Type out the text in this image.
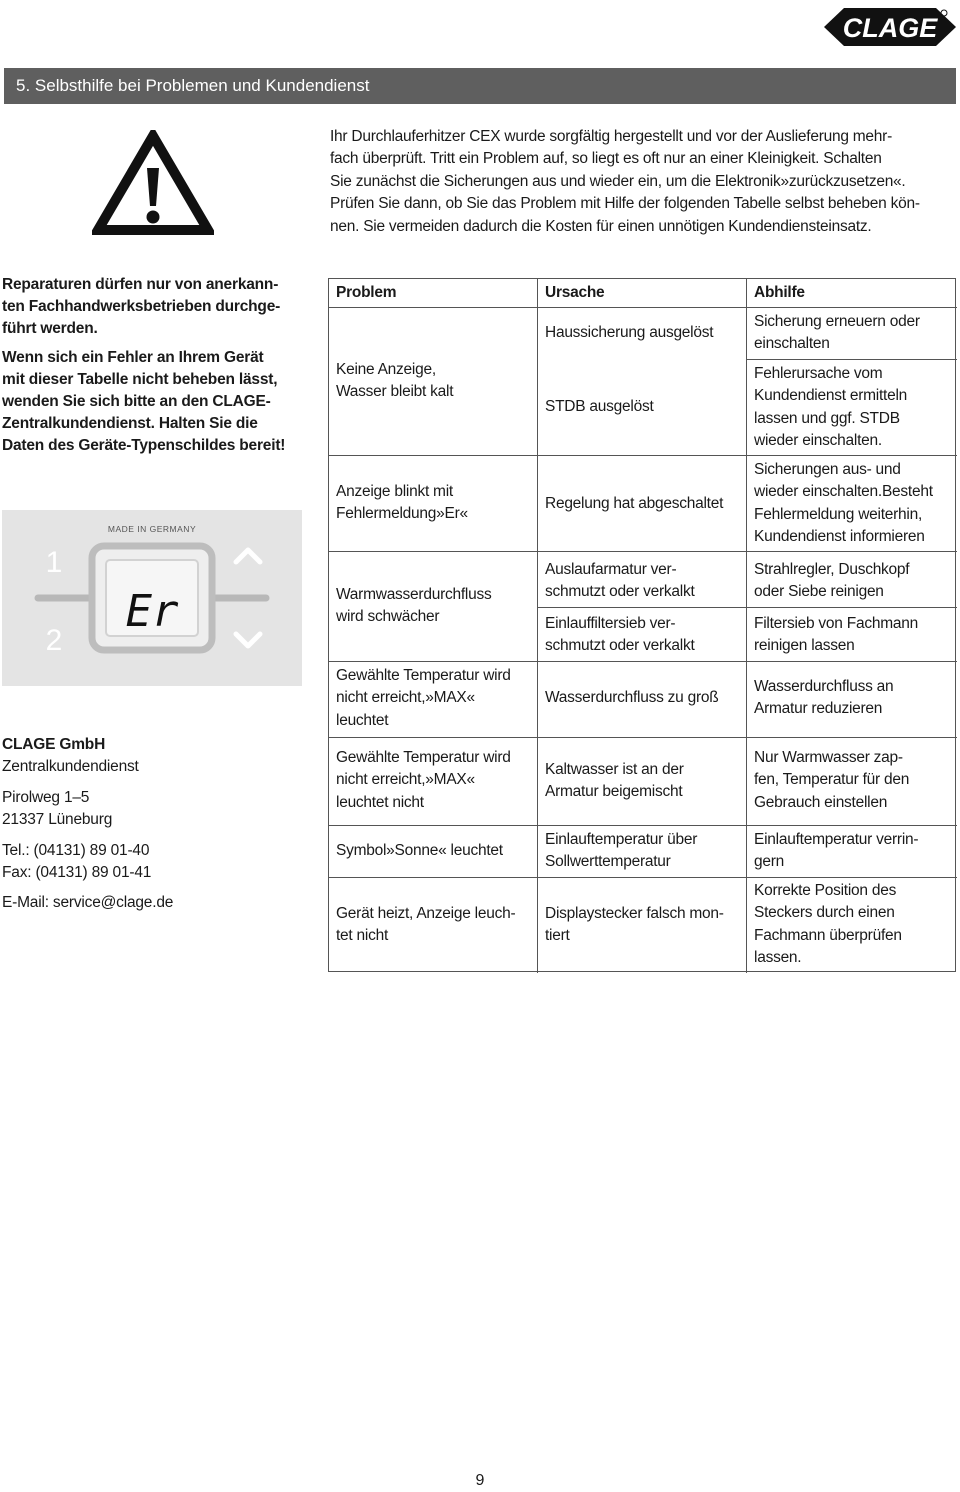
CLAGE
5. Selbsthilfe bei Problemen und Kundendienst
Ihr Durchlauferhitzer CEX wurde sorgfältig hergestellt und vor der Auslieferung mehr-
fach überprüft. Tritt ein Problem auf, so liegt es oft nur an einer Kleinigkeit. Schalten
Sie zunächst die Sicherungen aus und wieder ein, um die Elektronik»zurückzusetzen«.
Prüfen Sie dann, ob Sie das Problem mit Hilfe der folgenden Tabelle selbst beheben kön-
nen. Sie vermeiden dadurch die Kosten für einen unnötigen Kundendiensteinsatz.
Reparaturen dürfen nur von anerkann-
ten Fachhandwerksbetrieben durchge-
führt werden.
Wenn sich ein Fehler an Ihrem Gerät
mit dieser Tabelle nicht beheben lässt,
wenden Sie sich bitte an den CLAGE-
Zentralkundendienst. Halten Sie die
Daten des Geräte-Typenschildes bereit!
MADE IN GERMANY
Er
1
2
CLAGE GmbH
Zentralkundendienst
Pirolweg 1–5
21337 Lüneburg
Tel.: (04131) 89 01-40
Fax: (04131) 89 01-41
E-Mail: service@clage.de
Problem	Ursache	Abhilfe
Keine Anzeige,
Wasser bleibt kalt
Haussicherung ausgelöst
STDB ausgelöst
Sicherung erneuern oder
einschalten
Fehlerursache vom
Kundendienst ermitteln
lassen und ggf. STDB
wieder einschalten.
Anzeige blinkt mit
Fehlermeldung»Er«
Regelung hat abgeschaltet
Sicherungen aus- und
wieder einschalten.Besteht
Fehlermeldung weiterhin,
Kundendienst informieren
Warmwasserdurchfluss
wird schwächer
Auslaufarmatur ver-
schmutzt oder verkalkt
Einlauffiltersieb ver-
schmutzt oder verkalkt
Strahlregler, Duschkopf
oder Siebe reinigen
Filtersieb von Fachmann
reinigen lassen
Gewählte Temperatur wird
nicht erreicht,»MAX«
leuchtet
Wasserdurchfluss zu groß
Wasserdurchfluss an
Armatur reduzieren
Gewählte Temperatur wird
nicht erreicht,»MAX«
leuchtet nicht
Kaltwasser ist an der
Armatur beigemischt
Nur Warmwasser zap-
fen, Temperatur für den
Gebrauch einstellen
Symbol»Sonne« leuchtet
Einlauftemperatur über
Sollwerttemperatur
Einlauftemperatur verrin-
gern
Gerät heizt, Anzeige leuch-
tet nicht
Displaystecker falsch mon-
tiert
Korrekte Position des
Steckers durch einen
Fachmann überprüfen
lassen.
9
